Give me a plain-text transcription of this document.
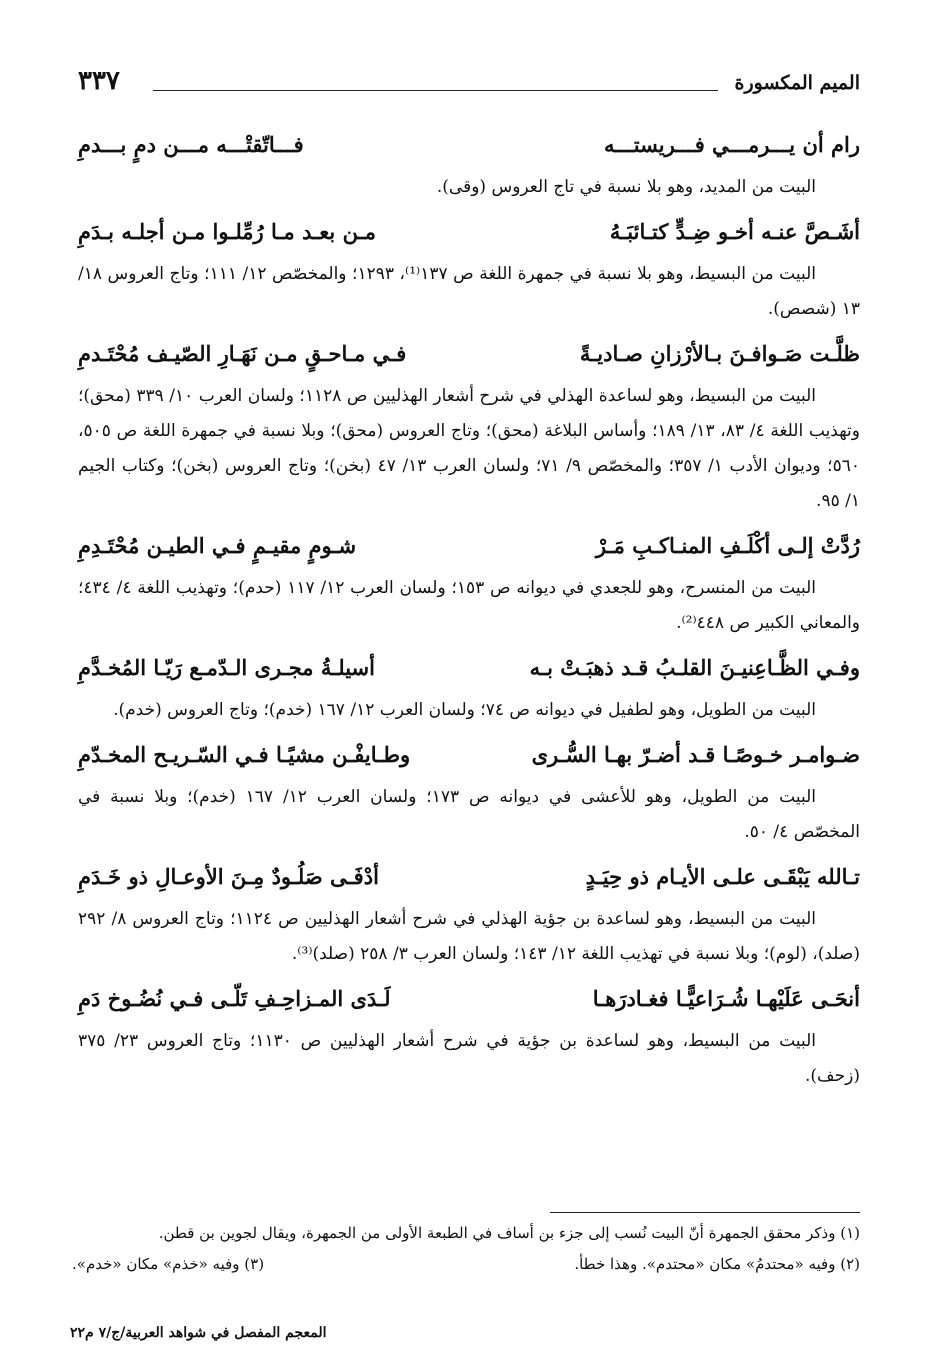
الميم المكسورة
٣٣٧
رام أن يـــرمـــي فـــريستـــه
فـــاتّقتْـــه مـــن دمٍ بـــدمِ

البيت من المديد، وهو بلا نسبة في تاج العروس (وقى).

أشَـصَّ عنـه أخـو ضِـدٍّ كتـائبَـهُ
مـن بعـد مـا رُمِّلـوا مـن أجلـه بـدَمِ

البيت من البسيط، وهو بلا نسبة في جمهرة اللغة ص ١٣٧⁽¹⁾، ١٢٩٣؛ والمخصّص ١٢/ ١١١؛ وتاج العروس ١٨/ ١٣ (شصص).

ظلَّـت صَـوافـنَ بـالأرْزانِ صـاديـةً
فـي مـاحـقٍ مـن نَهَـارِ الصّيـف مُحْتَـدمِ

البيت من البسيط، وهو لساعدة الهذلي في شرح أشعار الهذليين ص ١١٢٨؛ ولسان العرب ١٠/ ٣٣٩ (محق)؛ وتهذيب اللغة ٤/ ٨٣، ١٣/ ١٨٩؛ وأساس البلاغة (محق)؛ وتاج العروس (محق)؛ وبلا نسبة في جمهرة اللغة ص ٥٠٥، ٥٦٠؛ وديوان الأدب ١/ ٣٥٧؛ والمخصّص ٩/ ٧١؛ ولسان العرب ١٣/ ٤٧ (بخن)؛ وتاج العروس (بخن)؛ وكتاب الجيم ١/ ٩٥.

رُدَّتْ إلـى أكْلَـفِ المنـاكـبِ مَـرْ
شـومٍ مقيـمٍ فـي الطيـن مُحْتَـدِمِ

البيت من المنسرح، وهو للجعدي في ديوانه ص ١٥٣؛ ولسان العرب ١٢/ ١١٧ (حدم)؛ وتهذيب اللغة ٤/ ٤٣٤؛ والمعاني الكبير ص ٤٤٨⁽²⁾.

وفـي الظَّـاعِنيـنَ القلـبُ قـد ذهبَـتْ بـه
أسيلـةُ مجـرى الـدّمـع رَيّـا المُخـدَّمِ

البيت من الطويل، وهو لطفيل في ديوانه ص ٧٤؛ ولسان العرب ١٢/ ١٦٧ (خدم)؛ وتاج العروس (خدم).

ضـوامـر خـوصًـا قـد أضـرّ بهـا السُّـرى
وطـايفْـن مشيًـا فـي السّـريـح المخـدّمِ

البيت من الطويل، وهو للأعشى في ديوانه ص ١٧٣؛ ولسان العرب ١٢/ ١٦٧ (خدم)؛ وبلا نسبة في المخصّص ٤/ ٥٠.

تـالله يَبْقَـى علـى الأيـام ذو حِيَـدٍ
أدْفَـى صَلُـودٌ مِـنَ الأوعـالِ ذو خَـدَمِ

البيت من البسيط، وهو لساعدة بن جؤية الهذلي في شرح أشعار الهذليين ص ١١٢٤؛ وتاج العروس ٨/ ٢٩٢ (صلد)، (لوم)؛ وبلا نسبة في تهذيب اللغة ١٢/ ١٤٣؛ ولسان العرب ٣/ ٢٥٨ (صلد)⁽³⁾.

أنحَـى عَلَيْهـا شُـرَاعيًّـا فغـادرَهـا
لَـدَى المـزاحِـفِ تَلّـى فـي نُضُـوخ دَمِ

البيت من البسيط، وهو لساعدة بن جؤية في شرح أشعار الهذليين ص ١١٣٠؛ وتاج العروس ٢٣/ ٣٧٥ (زحف).

(١) وذكر محقق الجمهرة أنّ البيت نُسب إلى جزء بن أساف في الطبعة الأولى من الجمهرة، ويقال لجوين بن قطن.

(٢) وفيه «محتدمُ» مكان «محتدم». وهذا خطأ.

(٣) وفيه «خذم» مكان «خدم».

المعجم المفصل في شواهد العربية/ج/٧ م٢٢
